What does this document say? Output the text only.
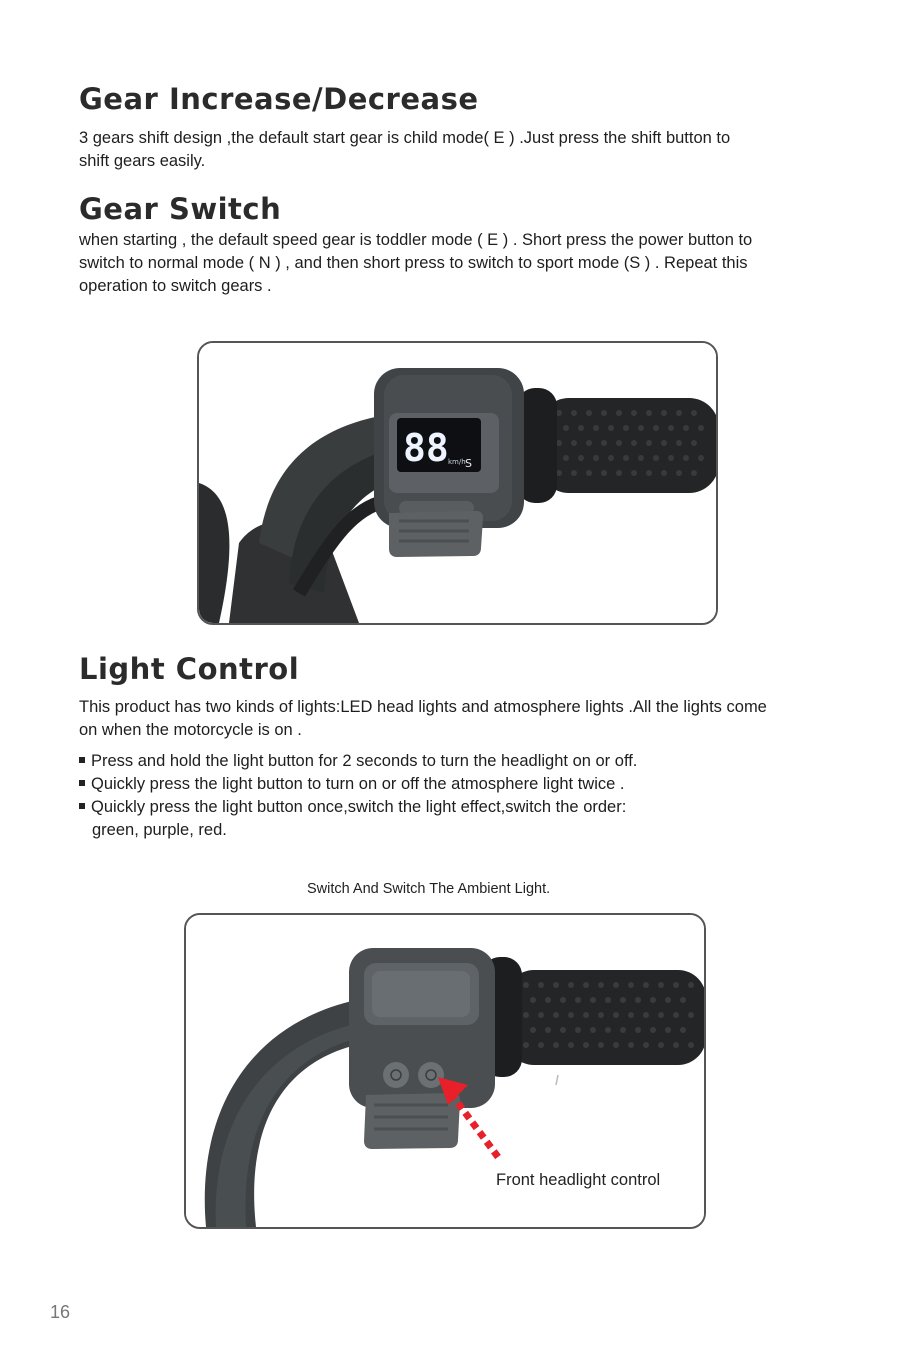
Gear Increase/Decrease

3 gears shift design ,the default start gear is child mode( E ) .Just press the shift button to

shift gears easily.

Gear Switch

when starting , the default speed gear is toddler mode ( E ) . Short press the power button to

switch to normal mode ( N ) , and then short press to switch to sport mode (S ) . Repeat this

operation to switch gears .

88 km/h S
Light Control

This product has two kinds of lights:LED head lights and atmosphere lights .All the lights come

on when the motorcycle is on .

Press and hold the light button for 2 seconds to turn the headlight on or off.

Quickly press the light button to turn on or off the atmosphere light twice .

Quickly press the light button once,switch the light effect,switch the order:

green, purple, red.

Switch And Switch The Ambient Light.
Front headlight control
16
